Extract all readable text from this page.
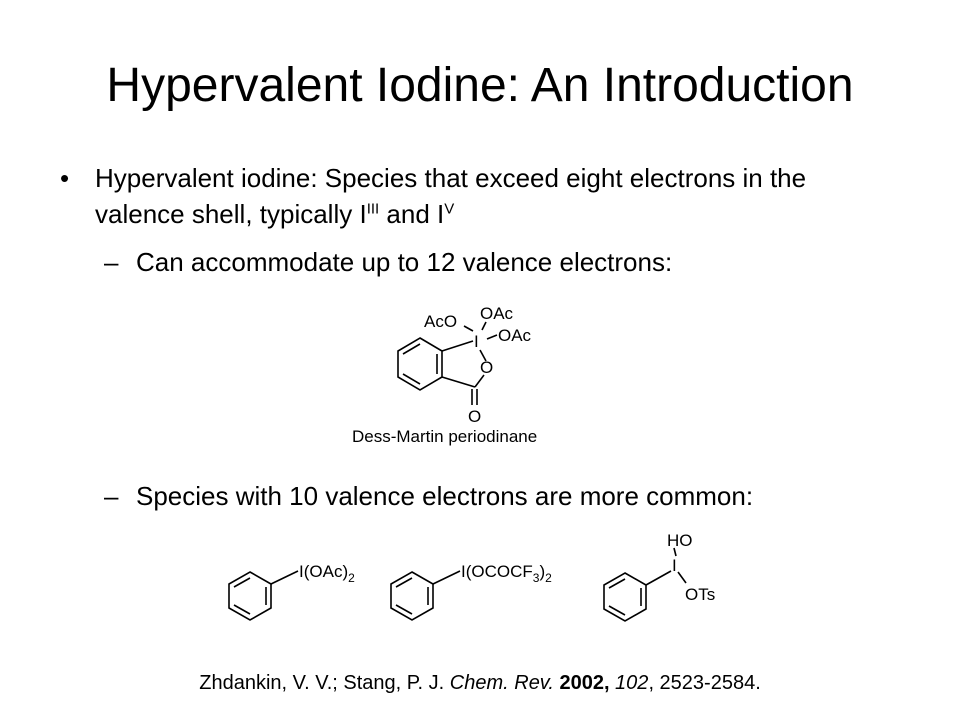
Hypervalent Iodine: An Introduction
• Hypervalent iodine: Species that exceed eight electrons in the valence shell, typically $I^{III}$ and $I^V$
– Can accommodate up to 12 valence electrons:
AcO OAc
OAc
I
O
O
Dess-Martin periodinane
– Species with 10 valence electrons are more common:
$I(OAc)_2$	$I(OCOCF_3)_2$
HO
I
OTs
Zhdankin, V. V.; Stang, P. J. Chem. Rev. 2002, 102, 2523-2584.
